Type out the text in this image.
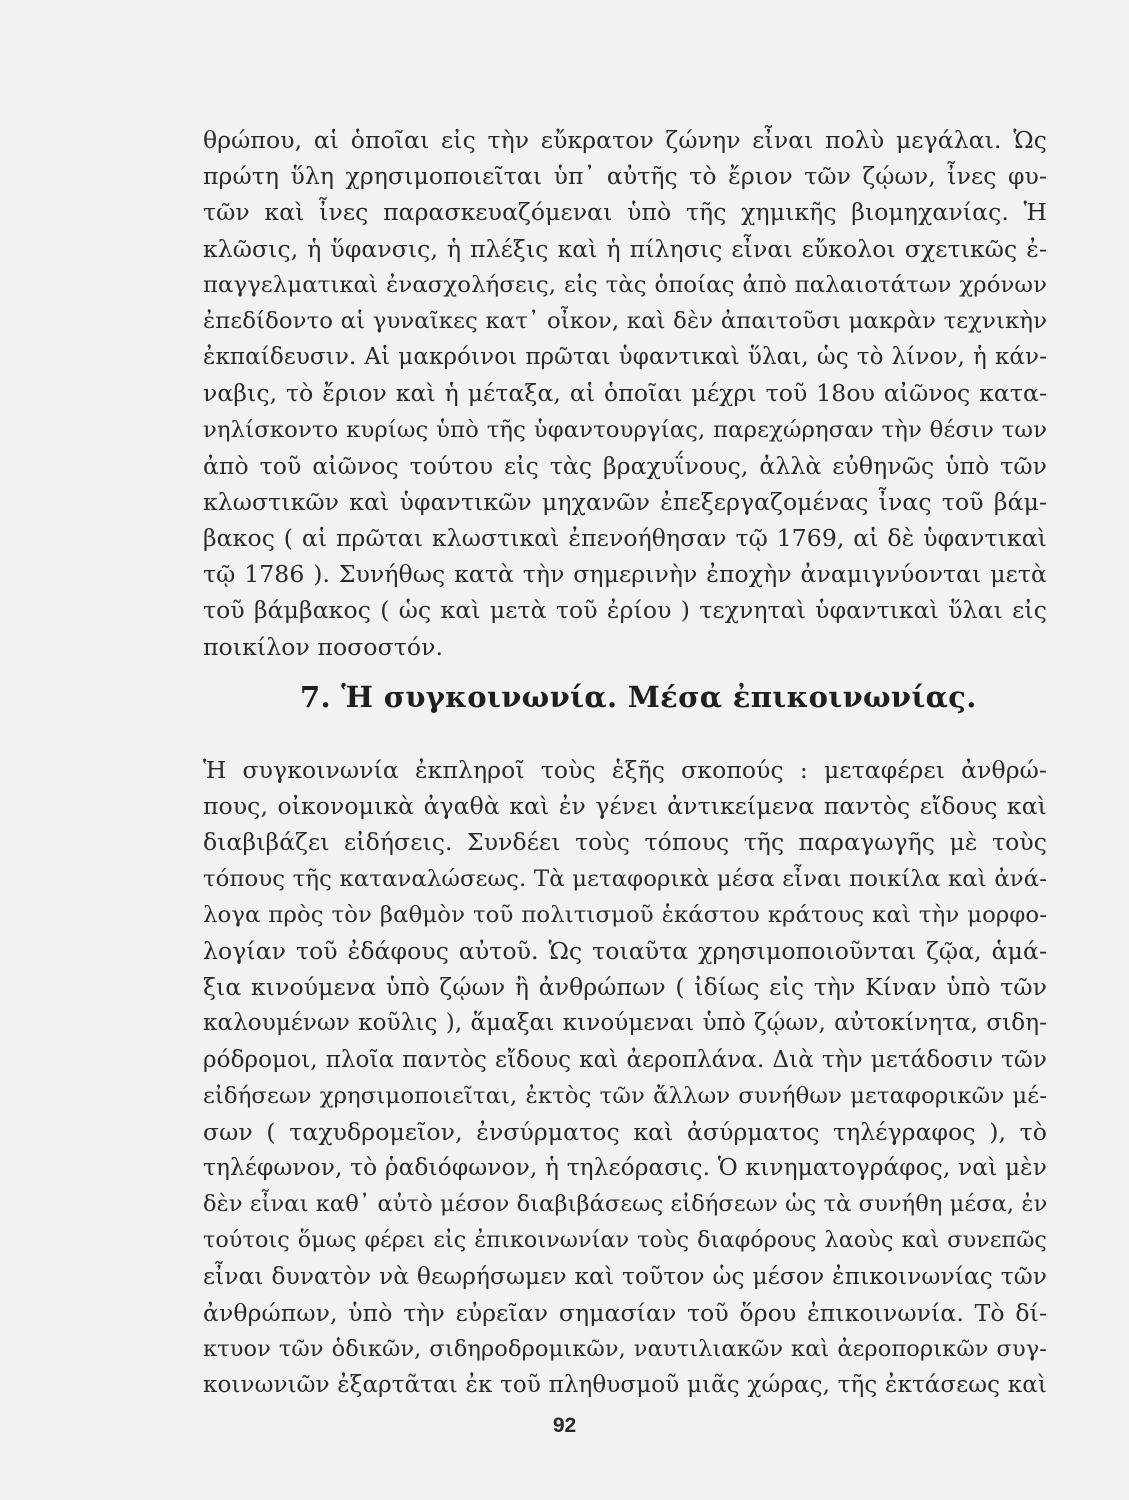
θρώπου, αἱ ὁποῖαι εἰς τὴν εὔκρατον ζώνην εἶναι πολὺ μεγάλαι. Ὡς
πρώτη ὕλη χρησιμοποιεῖται ὑπ᾽ αὐτῆς τὸ ἔριον τῶν ζῴων, ἶνες φυ-
τῶν καὶ ἶνες παρασκευαζόμεναι ὑπὸ τῆς χημικῆς βιομηχανίας. Ἡ
κλῶσις, ἡ ὕφανσις, ἡ πλέξις καὶ ἡ πίλησις εἶναι εὔκολοι σχετικῶς ἐ-
παγγελματικαὶ ἐνασχολήσεις, εἰς τὰς ὁποίας ἀπὸ παλαιοτάτων χρόνων
ἐπεδίδοντο αἱ γυναῖκες κατ᾽ οἶκον, καὶ δὲν ἀπαιτοῦσι μακρὰν τεχνικὴν
ἐκπαίδευσιν. Αἱ μακρόινοι πρῶται ὑφαντικαὶ ὕλαι, ὡς τὸ λίνον, ἡ κάν-
ναβις, τὸ ἔριον καὶ ἡ μέταξα, αἱ ὁποῖαι μέχρι τοῦ 18ου αἰῶνος κατα-
νηλίσκοντο κυρίως ὑπὸ τῆς ὑφαντουργίας, παρεχώρησαν τὴν θέσιν των
ἀπὸ τοῦ αἰῶνος τούτου εἰς τὰς βραχυΐνους, ἀλλὰ εὐθηνῶς ὑπὸ τῶν
κλωστικῶν καὶ ὑφαντικῶν μηχανῶν ἐπεξεργαζομένας ἶνας τοῦ βάμ-
βακος ( αἱ πρῶται κλωστικαὶ ἐπενοήθησαν τῷ 1769, αἱ δὲ ὑφαντικαὶ
τῷ 1786 ). Συνήθως κατὰ τὴν σημερινὴν ἐποχὴν ἀναμιγνύονται μετὰ
τοῦ βάμβακος ( ὡς καὶ μετὰ τοῦ ἐρίου ) τεχνηταὶ ὑφαντικαὶ ὕλαι εἰς
ποικίλον ποσοστόν.
7. Ἡ συγκοινωνία. Μέσα ἐπικοινωνίας.
Ἡ συγκοινωνία ἐκπληροῖ τοὺς ἑξῆς σκοπούς : μεταφέρει ἀνθρώ-
πους, οἰκονομικὰ ἀγαθὰ καὶ ἐν γένει ἀντικείμενα παντὸς εἴδους καὶ
διαβιβάζει εἰδήσεις. Συνδέει τοὺς τόπους τῆς παραγωγῆς μὲ τοὺς
τόπους τῆς καταναλώσεως. Τὰ μεταφορικὰ μέσα εἶναι ποικίλα καὶ ἀνά-
λογα πρὸς τὸν βαθμὸν τοῦ πολιτισμοῦ ἑκάστου κράτους καὶ τὴν μορφο-
λογίαν τοῦ ἐδάφους αὐτοῦ. Ὡς τοιαῦτα χρησιμοποιοῦνται ζῷα, ἁμά-
ξια κινούμενα ὑπὸ ζῴων ἢ ἀνθρώπων ( ἰδίως εἰς τὴν Κίναν ὑπὸ τῶν
καλουμένων κοῦλις ), ἅμαξαι κινούμεναι ὑπὸ ζῴων, αὐτοκίνητα, σιδη-
ρόδρομοι, πλοῖα παντὸς εἴδους καὶ ἀεροπλάνα. Διὰ τὴν μετάδοσιν τῶν
εἰδήσεων χρησιμοποιεῖται, ἐκτὸς τῶν ἄλλων συνήθων μεταφορικῶν μέ-
σων ( ταχυδρομεῖον, ἐνσύρματος καὶ ἀσύρματος τηλέγραφος ), τὸ
τηλέφωνον, τὸ ῥαδιόφωνον, ἡ τηλεόρασις. Ὁ κινηματογράφος, ναὶ μὲν
δὲν εἶναι καθ᾽ αὐτὸ μέσον διαβιβάσεως εἰδήσεων ὡς τὰ συνήθη μέσα, ἐν
τούτοις ὅμως φέρει εἰς ἐπικοινωνίαν τοὺς διαφόρους λαοὺς καὶ συνεπῶς
εἶναι δυνατὸν νὰ θεωρήσωμεν καὶ τοῦτον ὡς μέσον ἐπικοινωνίας τῶν
ἀνθρώπων, ὑπὸ τὴν εὐρεῖαν σημασίαν τοῦ ὅρου ἐπικοινωνία. Τὸ δί-
κτυον τῶν ὁδικῶν, σιδηροδρομικῶν, ναυτιλιακῶν καὶ ἀεροπορικῶν συγ-
κοινωνιῶν ἐξαρτᾶται ἐκ τοῦ πληθυσμοῦ μιᾶς χώρας, τῆς ἐκτάσεως καὶ
92
